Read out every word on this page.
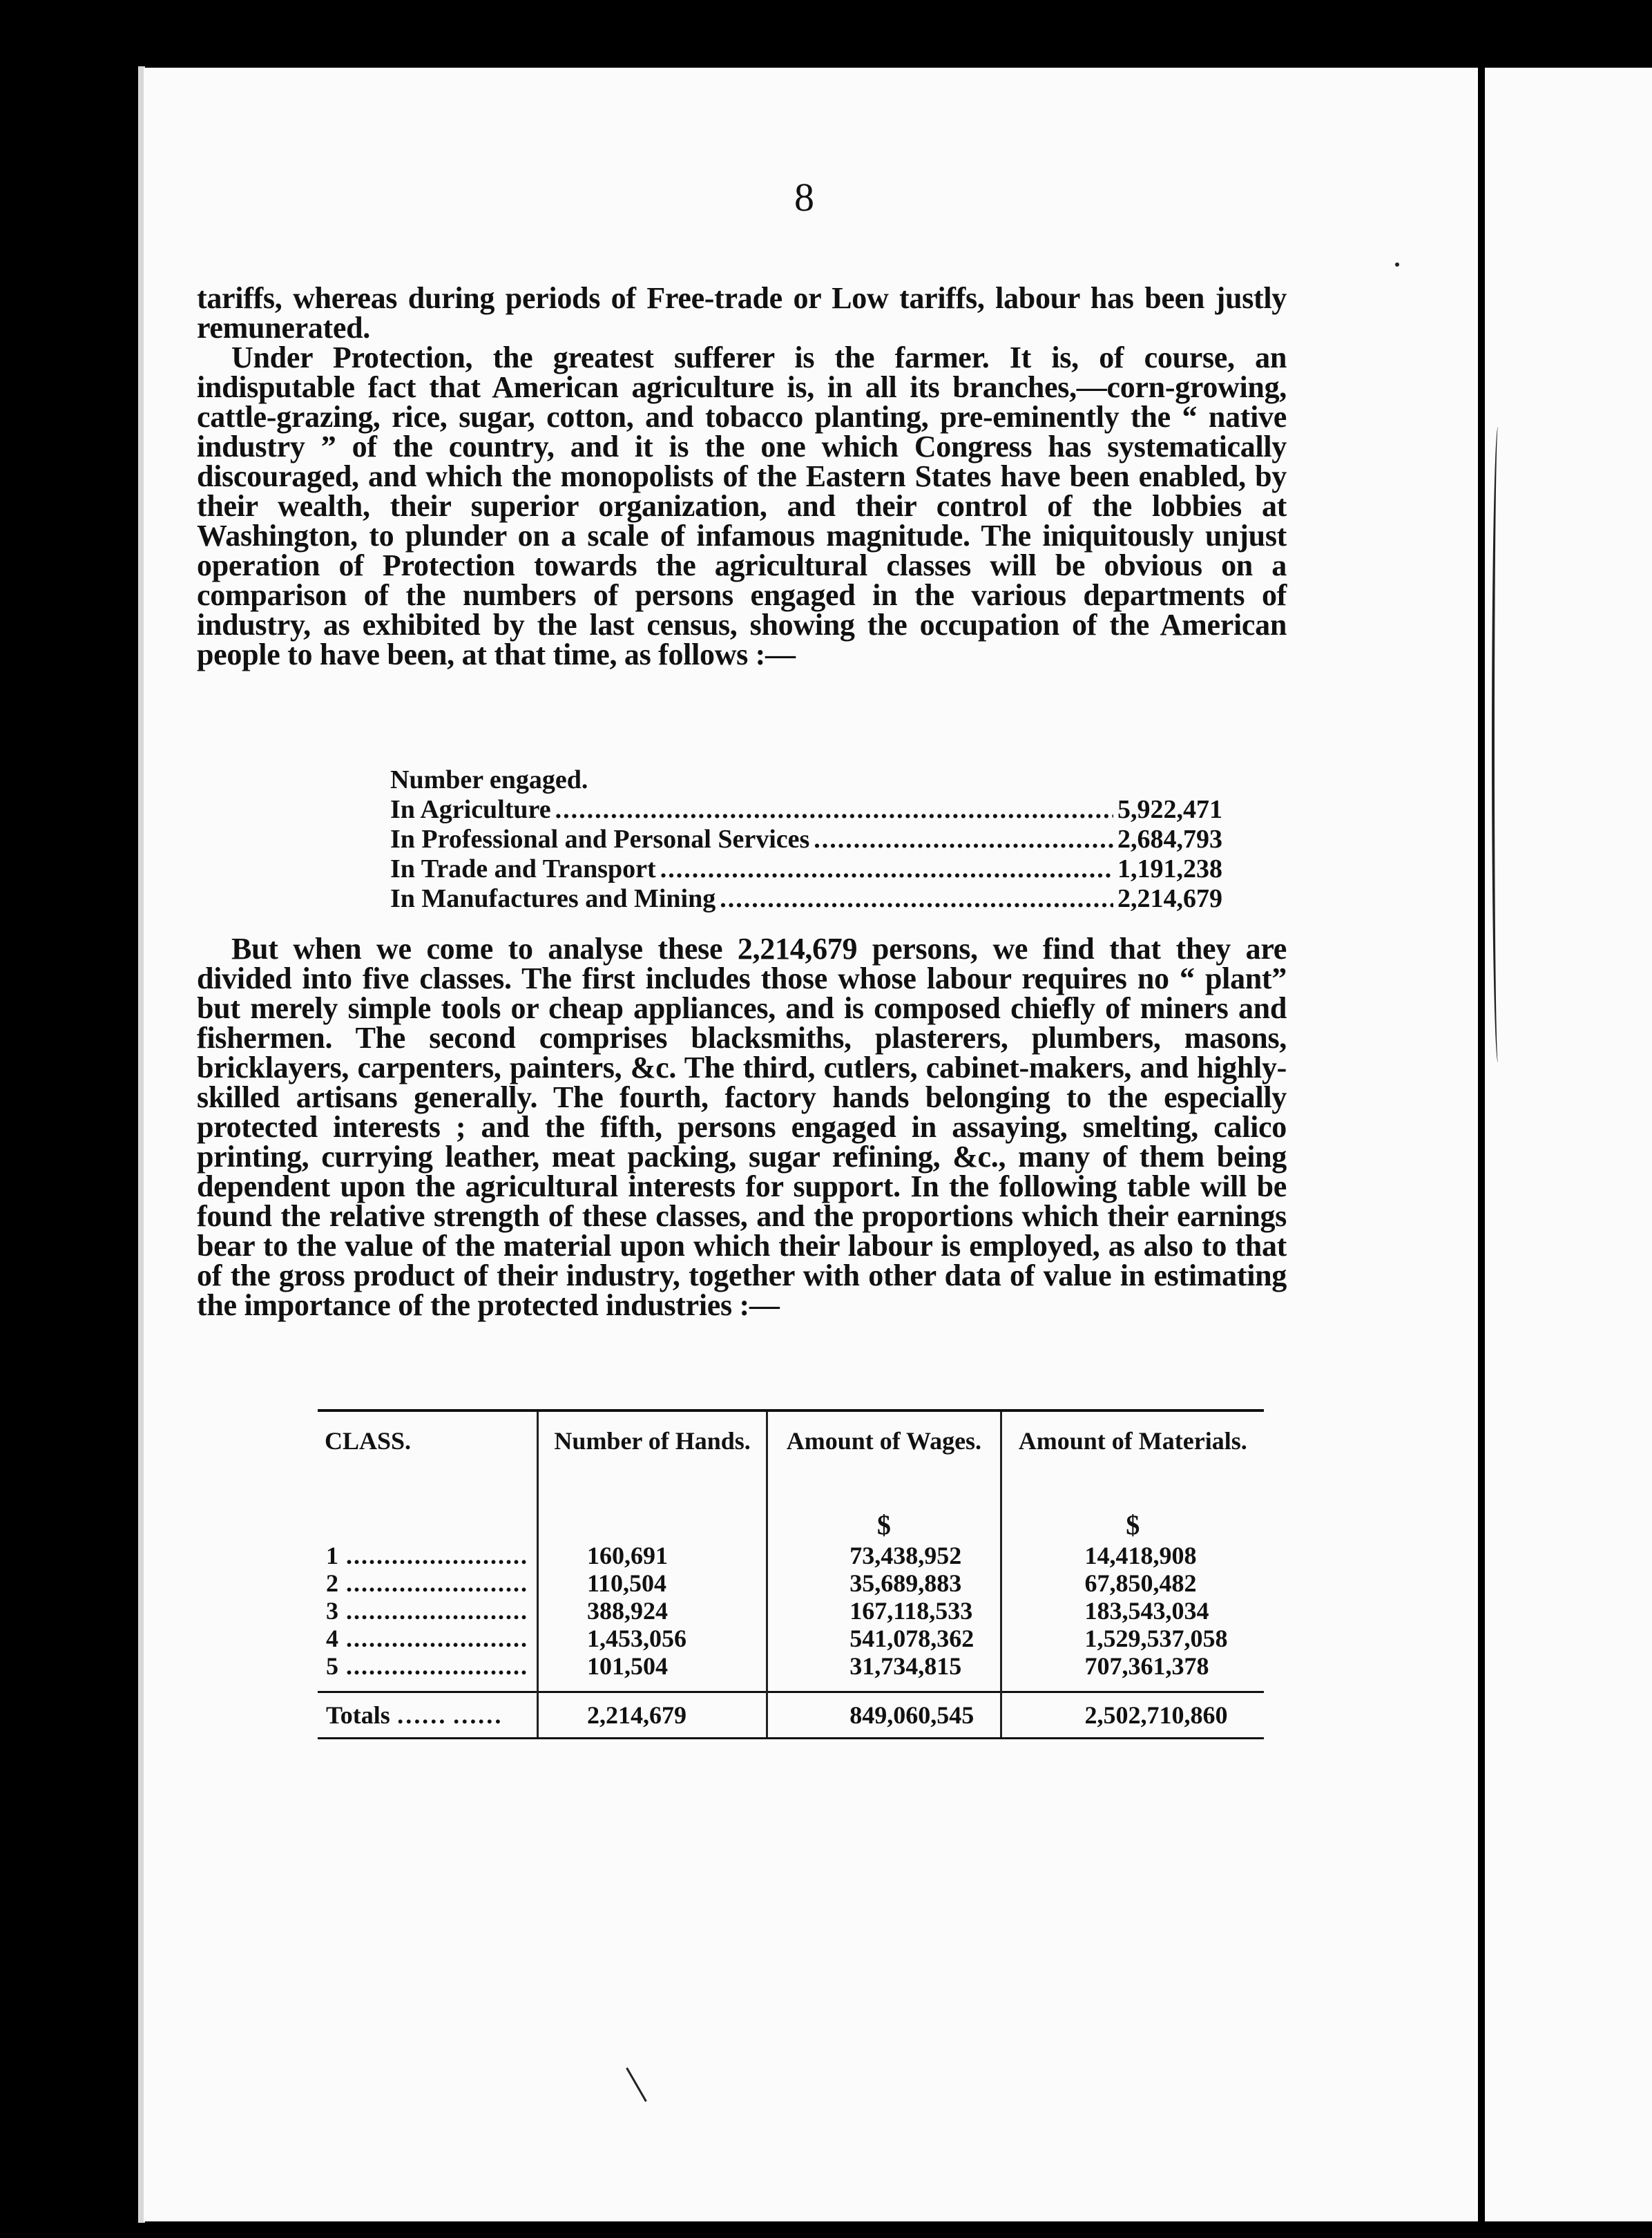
8

tariffs, whereas during periods of Free-trade or Low tariffs, labour has been justly remunerated.

Under Protection, the greatest sufferer is the farmer. It is, of course, an indisputable fact that American agriculture is, in all its branches,—corn-growing, cattle-grazing, rice, sugar, cotton, and tobacco planting, pre-eminently the “ native industry ” of the country, and it is the one which Congress has systematically discouraged, and which the monopolists of the Eastern States have been enabled, by their wealth, their superior organization, and their control of the lobbies at Washington, to plunder on a scale of infamous magnitude. The iniquitously unjust operation of Protection towards the agricultural classes will be obvious on a comparison of the numbers of persons engaged in the various departments of industry, as exhibited by the last census, showing the occupation of the American people to have been, at that time, as follows :—

Number engaged.
In Agriculture .....	5,922,471
In Professional and Personal Services .....	2,684,793
In Trade and Transport .....	1,191,238
In Manufactures and Mining .....	2,214,679

But when we come to analyse these 2,214,679 persons, we find that they are divided into five classes. The first includes those whose labour requires no “ plant” but merely simple tools or cheap appliances, and is composed chiefly of miners and fishermen. The second comprises blacksmiths, plasterers, plumbers, masons, bricklayers, carpenters, painters, &c. The third, cutlers, cabinet-makers, and highly-skilled artisans generally. The fourth, factory hands belonging to the especially protected interests ; and the fifth, persons engaged in assaying, smelting, calico printing, currying leather, meat packing, sugar refining, &c., many of them being dependent upon the agricultural interests for support. In the following table will be found the relative strength of these classes, and the proportions which their earnings bear to the value of the material upon which their labour is employed, as also to that of the gross product of their industry, together with other data of value in estimating the importance of the protected industries :—

CLASS.	Number of Hands.	Amount of Wages.	Amount of Materials.
		$	$
1 .....	160,691	73,438,952	14,418,908
2 .....	110,504	35,689,883	67,850,482
3 .....	388,924	167,118,533	183,543,034
4 .....	1,453,056	541,078,362	1,529,537,058
5 .....	101,504	31,734,815	707,361,378

Totals …… ……	2,214,679	849,060,545	2,502,710,860
